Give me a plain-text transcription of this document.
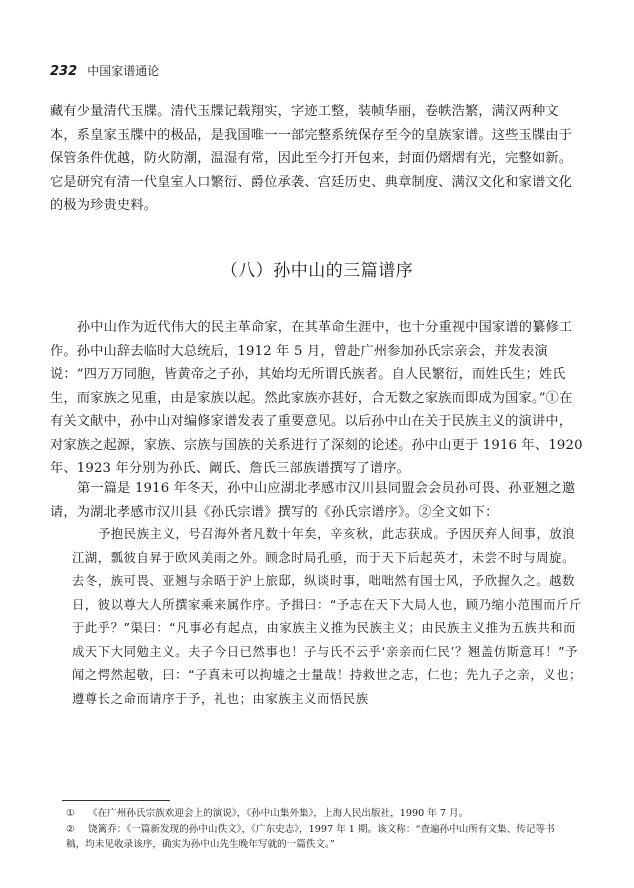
232 中国家谱通论

藏有少量清代玉牒。清代玉牒记载翔实，字迹工整，装帧华丽，卷帙浩繁，满汉两种文本，系皇家玉牒中的极品，是我国唯一一部完整系统保存至今的皇族家谱。这些玉牒由于保管条件优越，防火防潮，温湿有常，因此至今打开包来，封面仍熠熠有光，完整如新。它是研究有清一代皇室人口繁衍、爵位承袭、宫廷历史、典章制度、满汉文化和家谱文化的极为珍贵史料。

（八）孙中山的三篇谱序

孙中山作为近代伟大的民主革命家，在其革命生涯中，也十分重视中国家谱的纂修工作。孙中山辞去临时大总统后，1912 年 5 月，曾赴广州参加孙氏宗亲会，并发表演说：“四万万同胞，皆黄帝之子孙，其始均无所谓氏族者。自人民繁衍，而姓氏生；姓氏生，而家族之见重，由是家族以起。然此家族亦甚好，合无数之家族而即成为国家。”①在有关文献中，孙中山对编修家谱发表了重要意见。以后孙中山在关于民族主义的演讲中，对家族之起源，家族、宗族与国族的关系进行了深刻的论述。孙中山更于 1916 年、1920 年、1923 年分别为孙氏、阚氏、詹氏三部族谱撰写了谱序。

第一篇是 1916 年冬天，孙中山应湖北孝感市汉川县同盟会会员孙可畏、孙亚翘之邀请，为湖北孝感市汉川县《孙氏宗谱》撰写的《孙氏宗谱序》。②全文如下：

予抱民族主义，号召海外者凡数十年矣，辛亥秋，此志获成。予因厌弃人间事，放浪江湖，瓢彼自昇于欧风美雨之外。顾念时局孔亟，而于天下后起英才，未尝不时与周旋。去冬，族可畏、亚翘与余晤于沪上旅邸，纵谈时事，咄咄然有国士风，予欣握久之。越数日，彼以尊大人所撰家乘来属作序。予揖曰：“予志在天下大局人也，顾乃缩小范围而斤斤于此乎？”渠曰：“凡事必有起点，由家族主义推为民族主义；由民族主义推为五族共和而成天下大同勉主义。夫子今日已然事也！子与氏不云乎‘亲亲而仁民’？翘盖仿斯意耳！”予闻之愕然起敬，曰：“子真未可以拘墟之士量哉！持救世之志，仁也；先九子之亲，义也；遵尊长之命而请序于予，礼也；由家族主义而悟民族

① 《在广州孙氏宗族欢迎会上的演说》，《孙中山集外集》，上海人民出版社，1990 年 7 月。

② 饶篱乔：《一篇新发现的孙中山佚文》，《广东史志》，1997 年 1 期。该文称：“查遍孙中山所有文集、传记等书

稿，均未见收录该序，确实为孙中山先生晚年写就的一篇佚文。”
